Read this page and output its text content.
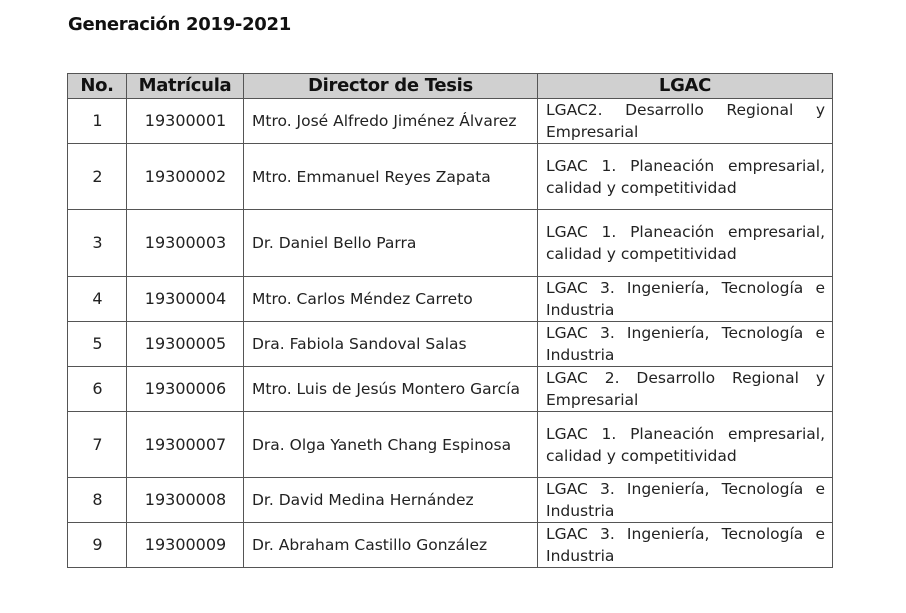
Generación 2019-2021
No.	Matrícula	Director de Tesis	LGAC
1	19300001	Mtro. José Alfredo Jiménez Álvarez	LGAC2. Desarrollo Regional y Empresarial
2	19300002	Mtro. Emmanuel Reyes Zapata	LGAC 1. Planeación empresarial, calidad y competitividad
3	19300003	Dr. Daniel Bello Parra	LGAC 1. Planeación empresarial, calidad y competitividad
4	19300004	Mtro. Carlos Méndez Carreto	LGAC 3. Ingeniería, Tecnología e Industria
5	19300005	Dra. Fabiola Sandoval Salas	LGAC 3. Ingeniería, Tecnología e Industria
6	19300006	Mtro. Luis de Jesús Montero García	LGAC 2. Desarrollo Regional y Empresarial
7	19300007	Dra. Olga Yaneth Chang Espinosa	LGAC 1. Planeación empresarial, calidad y competitividad
8	19300008	Dr. David Medina Hernández	LGAC 3. Ingeniería, Tecnología e Industria
9	19300009	Dr. Abraham Castillo González	LGAC 3. Ingeniería, Tecnología e Industria
